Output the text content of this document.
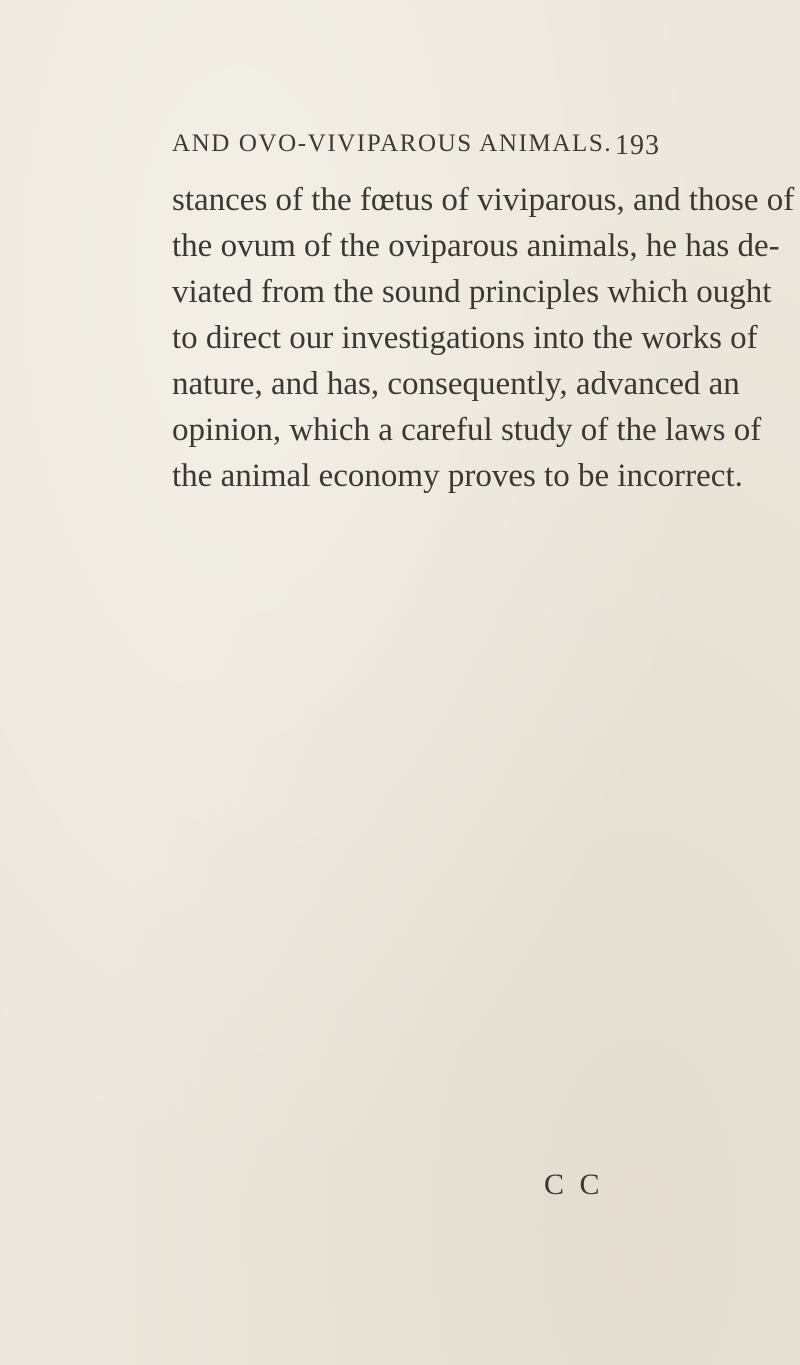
AND OVO-VIVIPAROUS ANIMALS. 193
stances of the fœtus of viviparous, and those of
the ovum of the oviparous animals, he has de-
viated from the sound principles which ought
to direct our investigations into the works of
nature, and has, consequently, advanced an
opinion, which a careful study of the laws of
the animal economy proves to be incorrect.
C C
